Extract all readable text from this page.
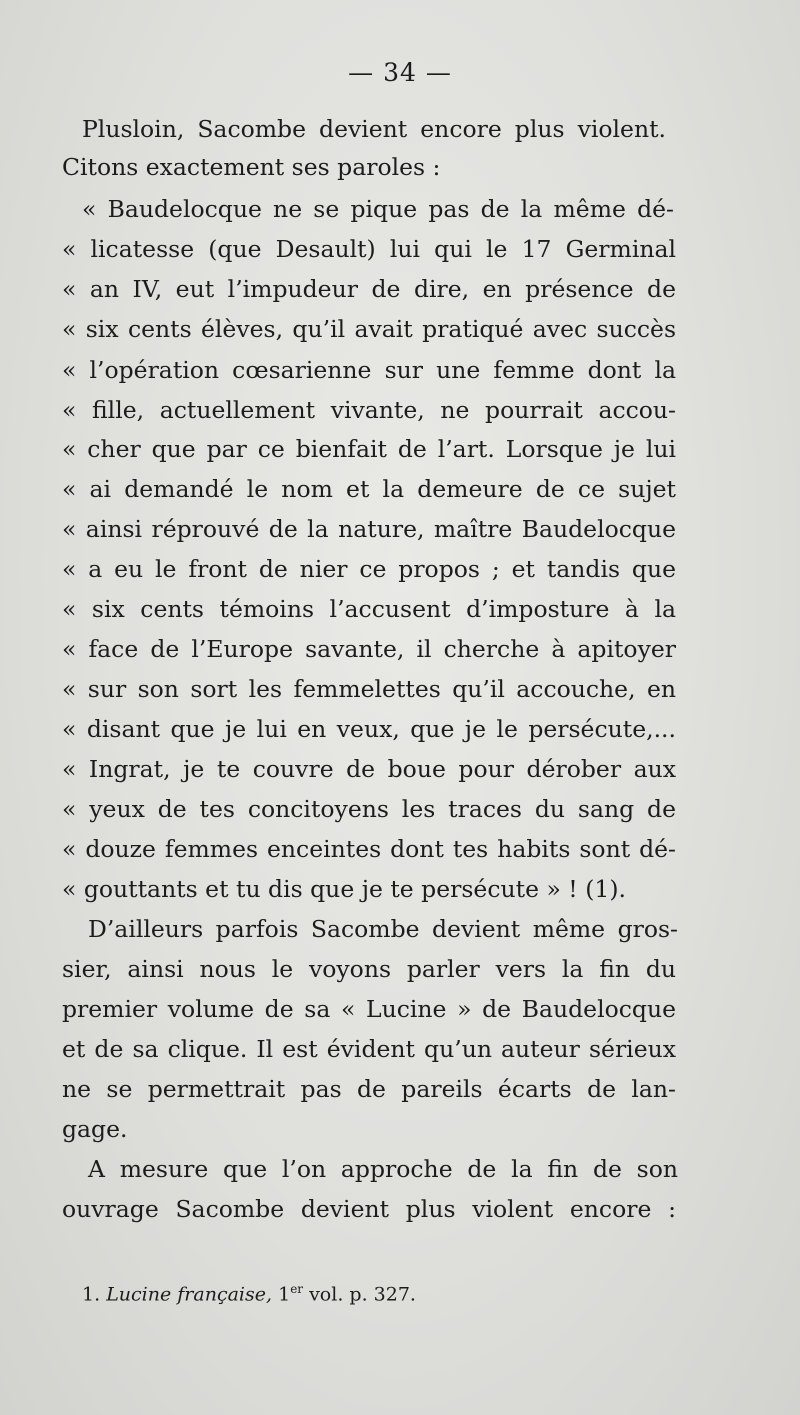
— 34 —

Plusloin, Sacombe devient encore plus violent.

Citons exactement ses paroles :

« Baudelocque ne se pique pas de la même dé-

« licatesse (que Desault) lui qui le 17 Germinal

« an IV, eut l’impudeur de dire, en présence de

« six cents élèves, qu’il avait pratiqué avec succès

« l’opération cœsarienne sur une femme dont la

« fille, actuellement vivante, ne pourrait accou-

« cher que par ce bienfait de l’art. Lorsque je lui

« ai demandé le nom et la demeure de ce sujet

« ainsi réprouvé de la nature, maître Baudelocque

« a eu le front de nier ce propos ; et tandis que

« six cents témoins l’accusent d’imposture à la

« face de l’Europe savante, il cherche à apitoyer

« sur son sort les femmelettes qu’il accouche, en

« disant que je lui en veux, que je le persécute,...

« Ingrat, je te couvre de boue pour dérober aux

« yeux de tes concitoyens les traces du sang de

« douze femmes enceintes dont tes habits sont dé-

« gouttants et tu dis que je te persécute » ! (1).

D’ailleurs parfois Sacombe devient même gros-

sier, ainsi nous le voyons parler vers la fin du

premier volume de sa « Lucine » de Baudelocque

et de sa clique. Il est évident qu’un auteur sérieux

ne se permettrait pas de pareils écarts de lan-

gage.

A mesure que l’on approche de la fin de son

ouvrage Sacombe devient plus violent encore :

1. Lucine française, 1er vol. p. 327.
